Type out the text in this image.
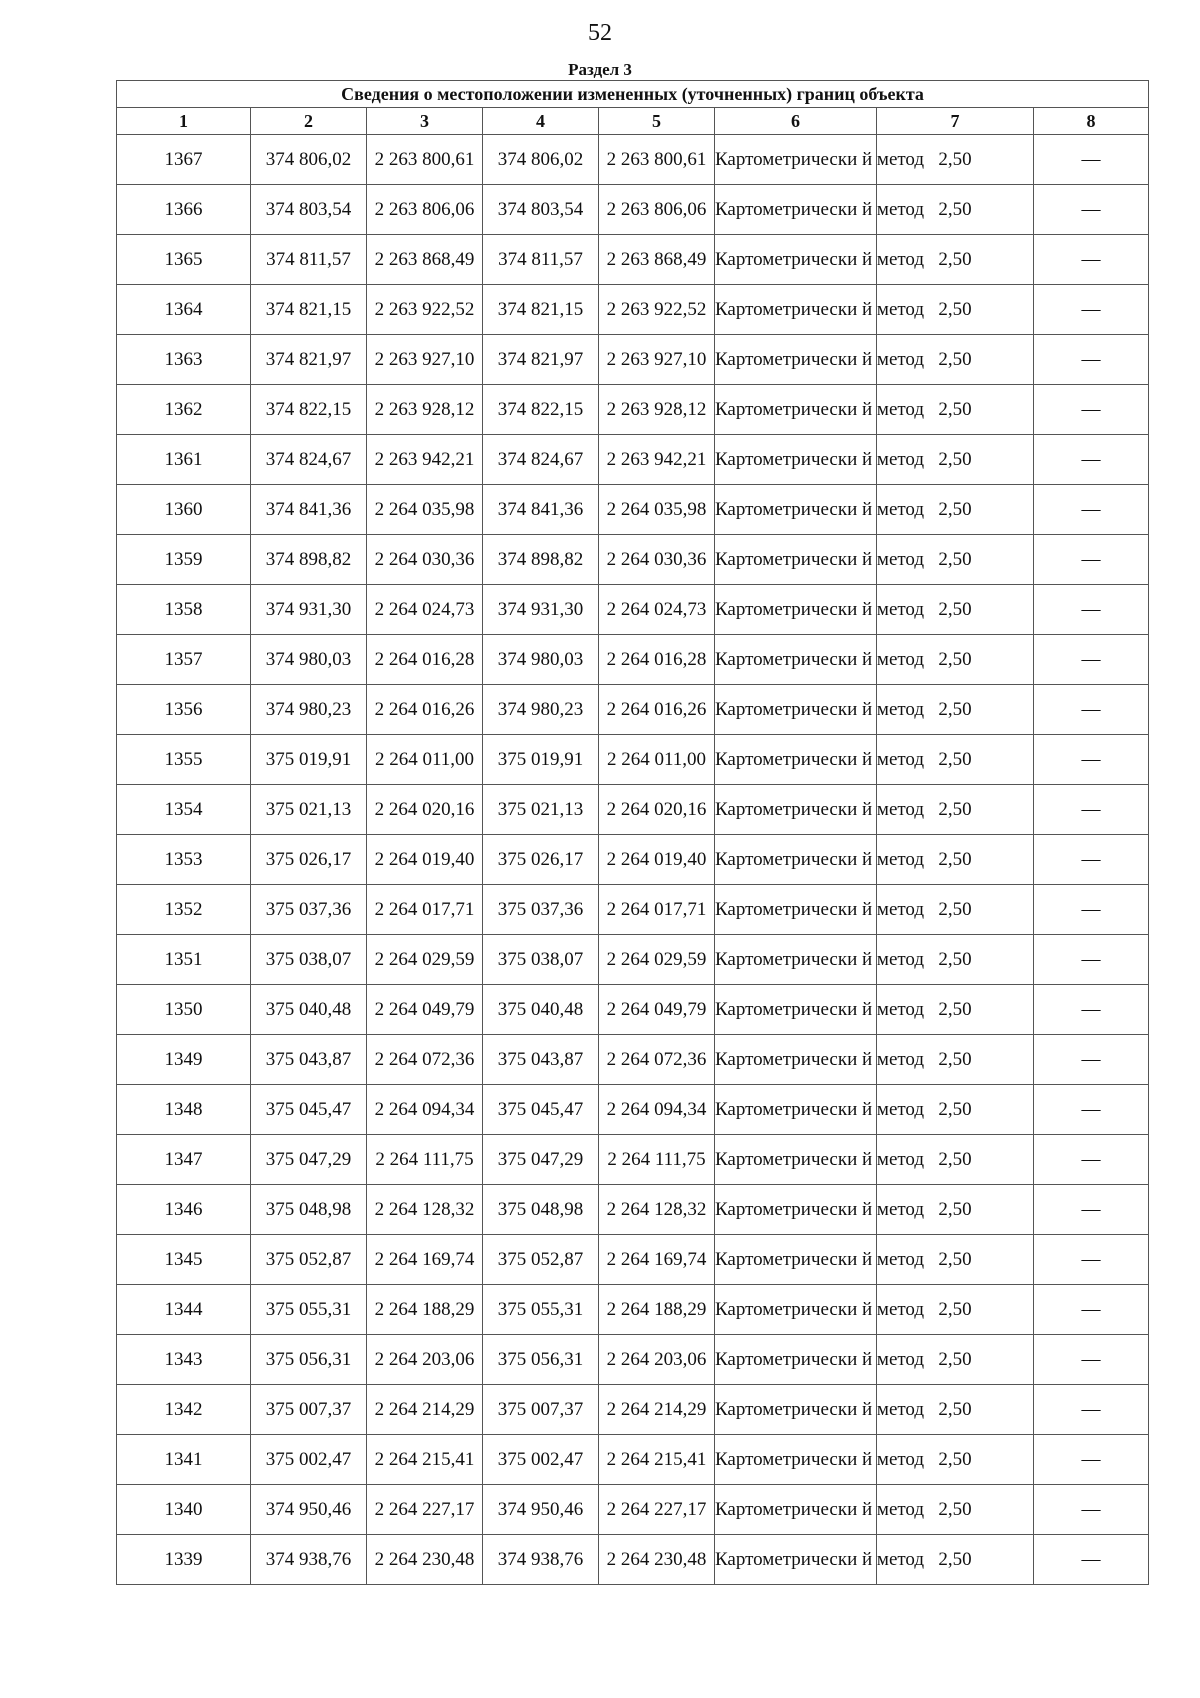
52
Раздел 3
Сведения о местоположении измененных (уточненных) границ объекта							
1	2	3	4	5	6	7	8
1367	374 806,02	2 263 800,61	374 806,02	2 263 800,61	Картометрически й метод	2,50	—
1366	374 803,54	2 263 806,06	374 803,54	2 263 806,06	Картометрически й метод	2,50	—
1365	374 811,57	2 263 868,49	374 811,57	2 263 868,49	Картометрически й метод	2,50	—
1364	374 821,15	2 263 922,52	374 821,15	2 263 922,52	Картометрически й метод	2,50	—
1363	374 821,97	2 263 927,10	374 821,97	2 263 927,10	Картометрически й метод	2,50	—
1362	374 822,15	2 263 928,12	374 822,15	2 263 928,12	Картометрически й метод	2,50	—
1361	374 824,67	2 263 942,21	374 824,67	2 263 942,21	Картометрически й метод	2,50	—
1360	374 841,36	2 264 035,98	374 841,36	2 264 035,98	Картометрически й метод	2,50	—
1359	374 898,82	2 264 030,36	374 898,82	2 264 030,36	Картометрически й метод	2,50	—
1358	374 931,30	2 264 024,73	374 931,30	2 264 024,73	Картометрически й метод	2,50	—
1357	374 980,03	2 264 016,28	374 980,03	2 264 016,28	Картометрически й метод	2,50	—
1356	374 980,23	2 264 016,26	374 980,23	2 264 016,26	Картометрически й метод	2,50	—
1355	375 019,91	2 264 011,00	375 019,91	2 264 011,00	Картометрически й метод	2,50	—
1354	375 021,13	2 264 020,16	375 021,13	2 264 020,16	Картометрически й метод	2,50	—
1353	375 026,17	2 264 019,40	375 026,17	2 264 019,40	Картометрически й метод	2,50	—
1352	375 037,36	2 264 017,71	375 037,36	2 264 017,71	Картометрически й метод	2,50	—
1351	375 038,07	2 264 029,59	375 038,07	2 264 029,59	Картометрически й метод	2,50	—
1350	375 040,48	2 264 049,79	375 040,48	2 264 049,79	Картометрически й метод	2,50	—
1349	375 043,87	2 264 072,36	375 043,87	2 264 072,36	Картометрически й метод	2,50	—
1348	375 045,47	2 264 094,34	375 045,47	2 264 094,34	Картометрически й метод	2,50	—
1347	375 047,29	2 264 111,75	375 047,29	2 264 111,75	Картометрически й метод	2,50	—
1346	375 048,98	2 264 128,32	375 048,98	2 264 128,32	Картометрически й метод	2,50	—
1345	375 052,87	2 264 169,74	375 052,87	2 264 169,74	Картометрически й метод	2,50	—
1344	375 055,31	2 264 188,29	375 055,31	2 264 188,29	Картометрически й метод	2,50	—
1343	375 056,31	2 264 203,06	375 056,31	2 264 203,06	Картометрически й метод	2,50	—
1342	375 007,37	2 264 214,29	375 007,37	2 264 214,29	Картометрически й метод	2,50	—
1341	375 002,47	2 264 215,41	375 002,47	2 264 215,41	Картометрически й метод	2,50	—
1340	374 950,46	2 264 227,17	374 950,46	2 264 227,17	Картометрически й метод	2,50	—
1339	374 938,76	2 264 230,48	374 938,76	2 264 230,48	Картометрически й метод	2,50	—
